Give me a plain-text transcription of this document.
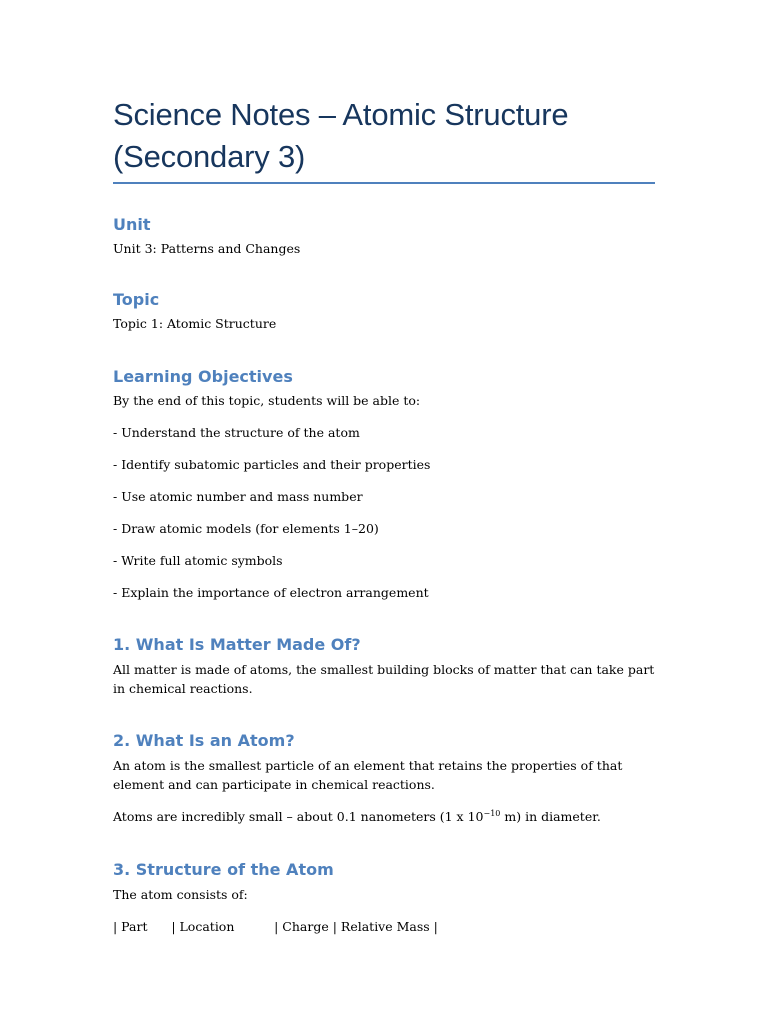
Science Notes – Atomic Structure
(Secondary 3)
Unit

Unit 3: Patterns and Changes

Topic

Topic 1: Atomic Structure

Learning Objectives

By the end of this topic, students will be able to:

- Understand the structure of the atom

- Identify subatomic particles and their properties

- Use atomic number and mass number

- Draw atomic models (for elements 1–20)

- Write full atomic symbols

- Explain the importance of electron arrangement

1. What Is Matter Made Of?

All matter is made of atoms, the smallest building blocks of matter that can take part in chemical reactions.

2. What Is an Atom?

An atom is the smallest particle of an element that retains the properties of that element and can participate in chemical reactions.

Atoms are incredibly small – about 0.1 nanometers (1 x $10^{-10}$ m) in diameter.

3. Structure of the Atom

The atom consists of:

| Part      | Location          | Charge | Relative Mass |
